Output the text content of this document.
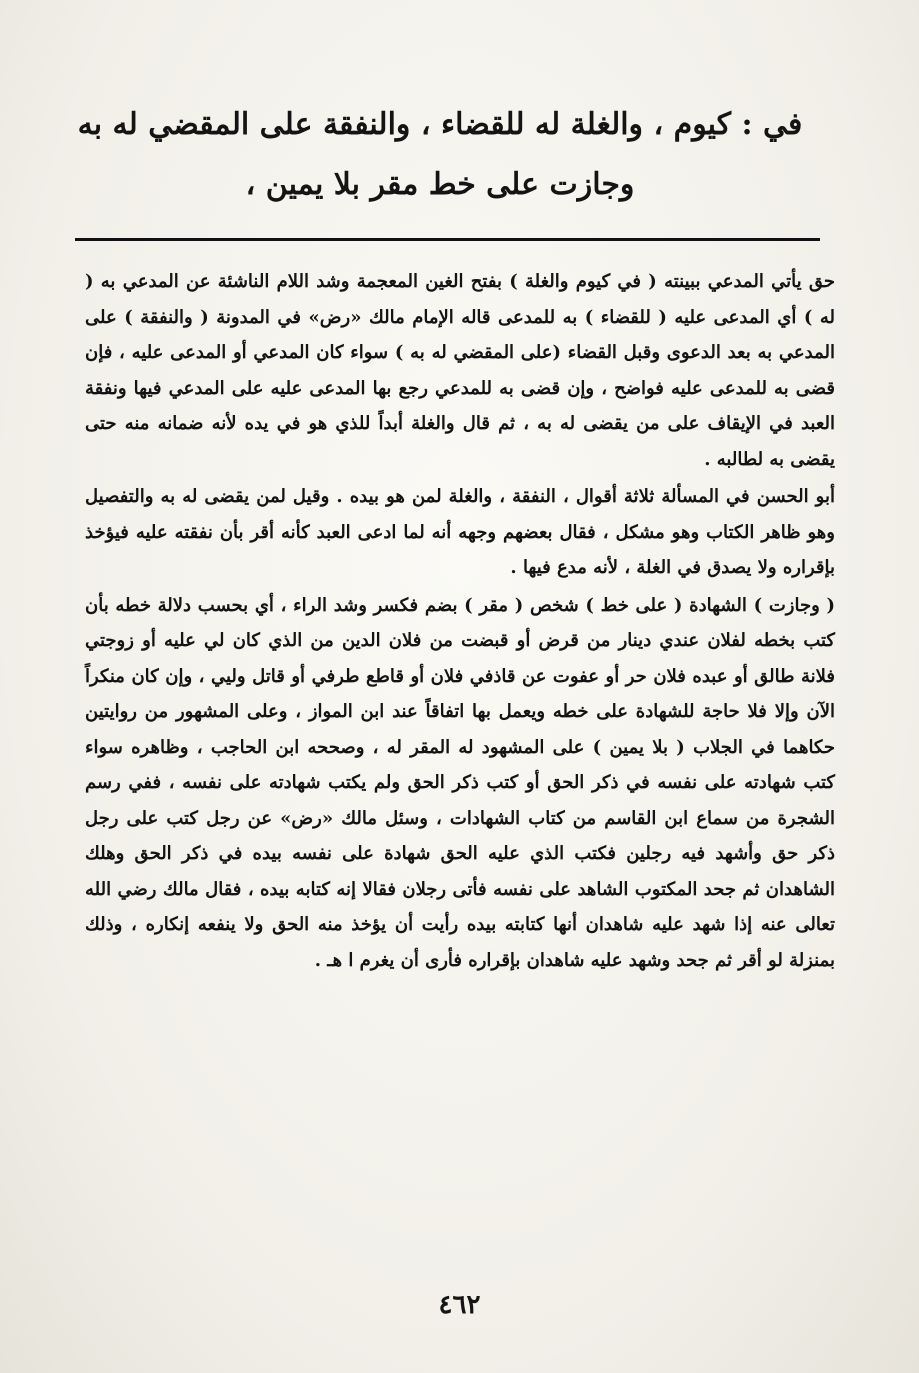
في : كيوم ، والغلة له للقضاء ، والنفقة على المقضي له به
وجازت على خط مقر بلا يمين ،

حق يأتي المدعي ببينته ( في كيوم والغلة ) بفتح الغين المعجمة وشد اللام الناشئة عن المدعي به ( له ) أي المدعى عليه ( للقضاء ) به للمدعى قاله الإمام مالك «رض» في المدونة ( والنفقة ) على المدعي به بعد الدعوى وقبل القضاء (على المقضي له به ) سواء كان المدعي أو المدعى عليه ، فإن قضى به للمدعى عليه فواضح ، وإن قضى به للمدعي رجع بها المدعى عليه على المدعي فيها ونفقة العبد في الإيقاف على من يقضى له به ، ثم قال والغلة أبداً للذي هو في يده لأنه ضمانه منه حتى يقضى به لطالبه .

أبو الحسن في المسألة ثلاثة أقوال ، النفقة ، والغلة لمن هو بيده . وقيل لمن يقضى له به والتفصيل وهو ظاهر الكتاب وهو مشكل ، فقال بعضهم وجهه أنه لما ادعى العبد كأنه أقر بأن نفقته عليه فيؤخذ بإقراره ولا يصدق في الغلة ، لأنه مدع فيها .

( وجازت ) الشهادة ( على خط ) شخص ( مقر ) بضم فكسر وشد الراء ، أي بحسب دلالة خطه بأن كتب بخطه لفلان عندي دينار من قرض أو قبضت من فلان الدين من الذي كان لي عليه أو زوجتي فلانة طالق أو عبده فلان حر أو عفوت عن قاذفي فلان أو قاطع طرفي أو قاتل وليي ، وإن كان منكراً الآن وإلا فلا حاجة للشهادة على خطه ويعمل بها اتفاقاً عند ابن المواز ، وعلى المشهور من روايتين حكاهما في الجلاب ( بلا يمين ) على المشهود له المقر له ، وصححه ابن الحاجب ، وظاهره سواء كتب شهادته على نفسه في ذكر الحق أو كتب ذكر الحق ولم يكتب شهادته على نفسه ، ففي رسم الشجرة من سماع ابن القاسم من كتاب الشهادات ، وسئل مالك «رض» عن رجل كتب على رجل ذكر حق وأشهد فيه رجلين فكتب الذي عليه الحق شهادة على نفسه بيده في ذكر الحق وهلك الشاهدان ثم جحد المكتوب الشاهد على نفسه فأتى رجلان فقالا إنه كتابه بيده ، فقال مالك رضي الله تعالى عنه إذا شهد عليه شاهدان أنها كتابته بيده رأيت أن يؤخذ منه الحق ولا ينفعه إنكاره ، وذلك بمنزلة لو أقر ثم جحد وشهد عليه شاهدان بإقراره فأرى أن يغرم ا هـ .

٤٦٢
